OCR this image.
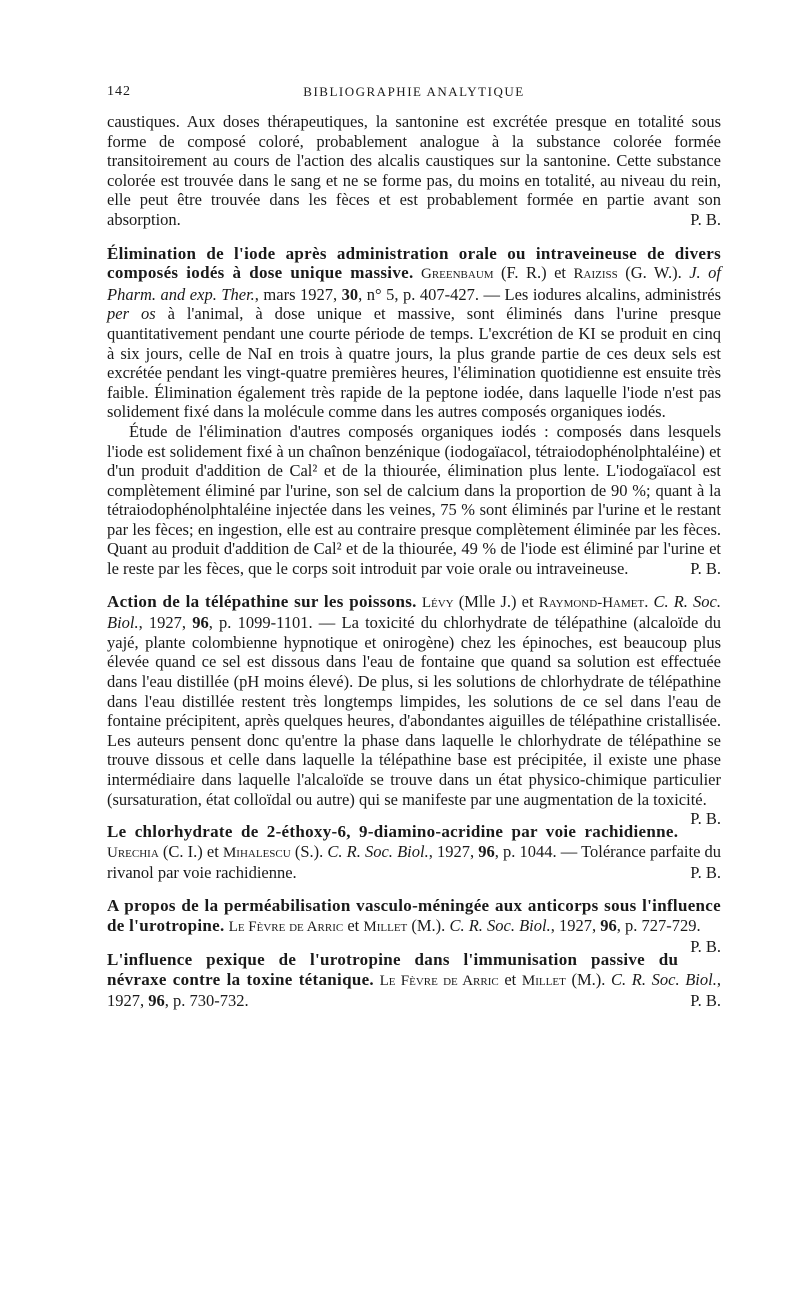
142	BIBLIOGRAPHIE ANALYTIQUE

caustiques. Aux doses thérapeutiques, la santonine est excrétée presque en totalité sous forme de composé coloré, probablement analogue à la substance colorée formée transitoirement au cours de l'action des alcalis caustiques sur la santonine. Cette substance colorée est trouvée dans le sang et ne se forme pas, du moins en totalité, au niveau du rein, elle peut être trouvée dans les fèces et est probablement formée en partie avant son absorption.	P. B.

Élimination de l'iode après administration orale ou intraveineuse de divers composés iodés à dose unique massive. Greenbaum (F. R.) et Raiziss (G. W.). J. of Pharm. and exp. Ther., mars 1927, 30, n° 5, p. 407-427. — Les iodures alcalins, administrés per os à l'animal, à dose unique et massive, sont éliminés dans l'urine presque quantitativement pendant une courte période de temps. L'excrétion de KI se produit en cinq à six jours, celle de NaI en trois à quatre jours, la plus grande partie de ces deux sels est excrétée pendant les vingt-quatre premières heures, l'élimination quotidienne est ensuite très faible. Élimination également très rapide de la peptone iodée, dans laquelle l'iode n'est pas solidement fixé dans la molécule comme dans les autres composés organiques iodés.

Étude de l'élimination d'autres composés organiques iodés : composés dans lesquels l'iode est solidement fixé à un chaînon benzénique (iodogaïacol, tétraiodophénolphtaléine) et d'un produit d'addition de Cal² et de la thiourée, élimination plus lente. L'iodogaïacol est complètement éliminé par l'urine, son sel de calcium dans la proportion de 90 %; quant à la tétraiodophénolphtaléine injectée dans les veines, 75 % sont éliminés par l'urine et le restant par les fèces; en ingestion, elle est au contraire presque complètement éliminée par les fèces. Quant au produit d'addition de Cal² et de la thiourée, 49 % de l'iode est éliminé par l'urine et le reste par les fèces, que le corps soit introduit par voie orale ou intraveineuse.	P. B.

Action de la télépathine sur les poissons. Lévy (Mlle J.) et Raymond-Hamet. C. R. Soc. Biol., 1927, 96, p. 1099-1101. — La toxicité du chlorhydrate de télépathine (alcaloïde du yajé, plante colombienne hypnotique et onirogène) chez les épinoches, est beaucoup plus élevée quand ce sel est dissous dans l'eau de fontaine que quand sa solution est effectuée dans l'eau distillée (pH moins élevé). De plus, si les solutions de chlorhydrate de télépathine dans l'eau distillée restent très longtemps limpides, les solutions de ce sel dans l'eau de fontaine précipitent, après quelques heures, d'abondantes aiguilles de télépathine cristallisée. Les auteurs pensent donc qu'entre la phase dans laquelle le chlorhydrate de télépathine se trouve dissous et celle dans laquelle la télépathine base est précipitée, il existe une phase intermédiaire dans laquelle l'alcaloïde se trouve dans un état physico-chimique particulier (sursaturation, état colloïdal ou autre) qui se manifeste par une augmentation de la toxicité.
P. B.

Le chlorhydrate de 2-éthoxy-6, 9-diamino-acridine par voie rachidienne. Urechia (C. I.) et Mihalescu (S.). C. R. Soc. Biol., 1927, 96, p. 1044. — Tolérance parfaite du rivanol par voie rachidienne.	P. B.

A propos de la perméabilisation vasculo-méningée aux anticorps sous l'influence de l'urotropine. Le Fèvre de Arric et Millet (M.). C. R. Soc. Biol., 1927, 96, p. 727-729.
P. B.

L'influence pexique de l'urotropine dans l'immunisation passive du névraxe contre la toxine tétanique. Le Fèvre de Arric et Millet (M.). C. R. Soc. Biol., 1927, 96, p. 730-732.	P. B.
